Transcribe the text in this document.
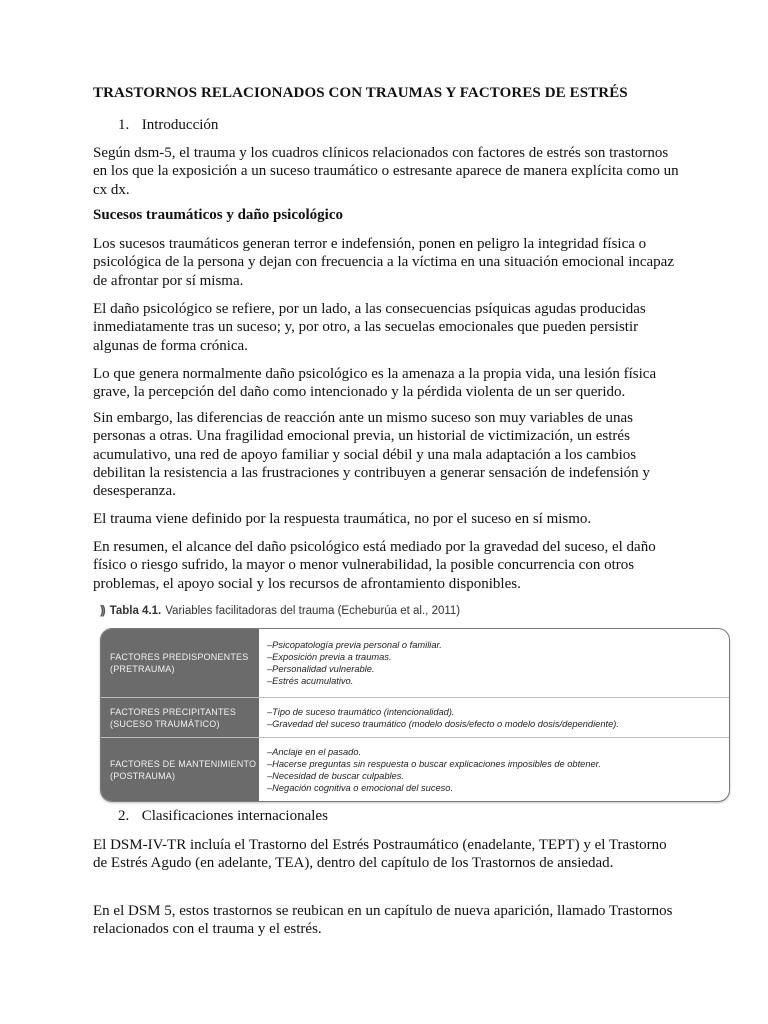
TRASTORNOS RELACIONADOS CON TRAUMAS Y FACTORES DE ESTRÉS
1. Introducción

Según dsm-5, el trauma y los cuadros clínicos relacionados con factores de estrés son trastornos en los que la exposición a un suceso traumático o estresante aparece de manera explícita como un cx dx.

Sucesos traumáticos y daño psicológico

Los sucesos traumáticos generan terror e indefensión, ponen en peligro la integridad física o psicológica de la persona y dejan con frecuencia a la víctima en una situación emocional incapaz de afrontar por sí misma.

El daño psicológico se refiere, por un lado, a las consecuencias psíquicas agudas producidas inmediatamente tras un suceso; y, por otro, a las secuelas emocionales que pueden persistir algunas de forma crónica.

Lo que genera normalmente daño psicológico es la amenaza a la propia vida, una lesión física grave, la percepción del daño como intencionado y la pérdida violenta de un ser querido.

Sin embargo, las diferencias de reacción ante un mismo suceso son muy variables de unas personas a otras. Una fragilidad emocional previa, un historial de victimización, un estrés acumulativo, una red de apoyo familiar y social débil y una mala adaptación a los cambios debilitan la resistencia a las frustraciones y contribuyen a generar sensación de indefensión y desesperanza.

El trauma viene definido por la respuesta traumática, no por el suceso en sí mismo.

En resumen, el alcance del daño psicológico está mediado por la gravedad del suceso, el daño físico o riesgo sufrido, la mayor o menor vulnerabilidad, la posible concurrencia con otros problemas, el apoyo social y los recursos de afrontamiento disponibles.

)) Tabla 4.1. Variables facilitadoras del trauma (Echeburúa et al., 2011)
FACTORES PREDISPONENTES
(PRETRAUMA)
– Psicopatología previa personal o familiar.
– Exposición previa a traumas.
– Personalidad vulnerable.
– Estrés acumulativo.
FACTORES PRECIPITANTES
(SUCESO TRAUMÁTICO)
– Tipo de suceso traumático (intencionalidad).
– Gravedad del suceso traumático (modelo dosis/efecto o modelo dosis/dependiente).
FACTORES DE MANTENIMIENTO
(POSTRAUMA)
– Anclaje en el pasado.
– Hacerse preguntas sin respuesta o buscar explicaciones imposibles de obtener.
– Necesidad de buscar culpables.
– Negación cognitiva o emocional del suceso.
2. Clasificaciones internacionales

El DSM-IV-TR incluía el Trastorno del Estrés Postraumático (enadelante, TEPT) y el Trastorno de Estrés Agudo (en adelante, TEA), dentro del capítulo de los Trastornos de ansiedad.

En el DSM 5, estos trastornos se reubican en un capítulo de nueva aparición, llamado Trastornos relacionados con el trauma y el estrés.
